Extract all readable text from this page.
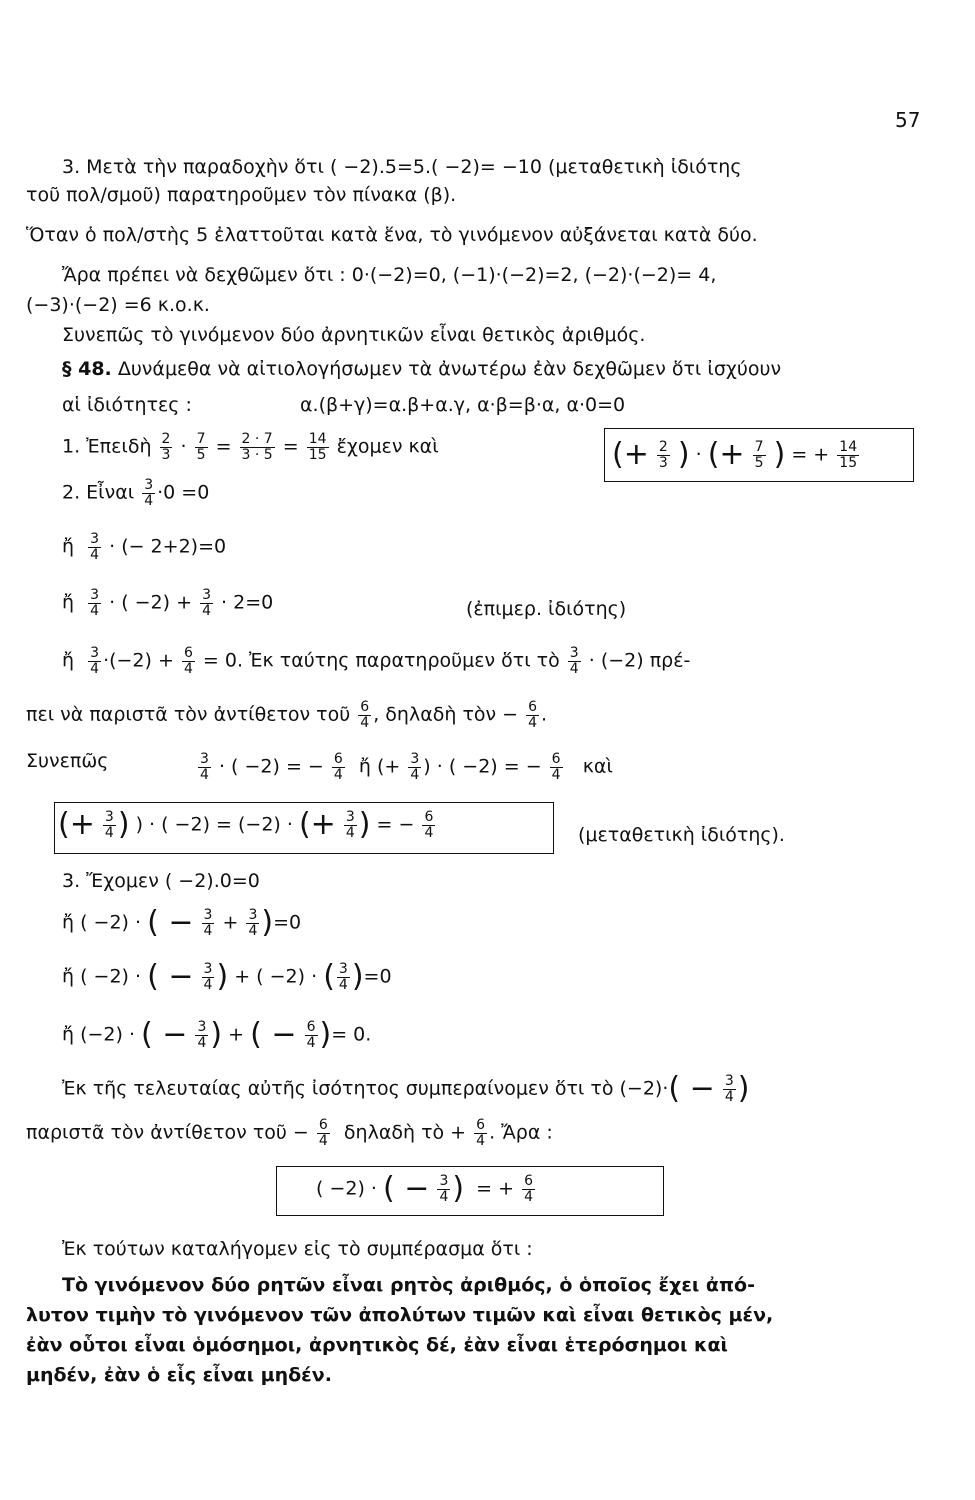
57
3. Μετὰ τὴν παραδοχὴν ὅτι ( −2).5=5.( −2)= −10 (μεταθετικὴ ἰδιότης
τοῦ πολ/σμοῦ) παρατηροῦμεν τὸν πίνακα (β).
Ὅταν ὁ πολ/στὴς 5 ἐλαττοῦται κατὰ ἕνα, τὸ γινόμενον αὐξάνεται κατὰ δύο.
Ἄρα πρέπει νὰ δεχθῶμεν ὅτι : 0·(−2)=0, (−1)·(−2)=2, (−2)·(−2)= 4,
(−3)·(−2) =6 κ.ο.κ.
Συνεπῶς τὸ γινόμενον δύο ἀρνητικῶν εἶναι θετικὸς ἀριθμός.
§ 48. Δυνάμεθα νὰ αἰτιολογήσωμεν τὰ ἀνωτέρω ἐὰν δεχθῶμεν ὅτι ἰσχύουν
αἱ ἰδιότητες :	α.(β+γ)=α.β+α.γ, α·β=β·α, α·0=0
1. Ἐπειδὴ $\frac{2}{3} \cdot \frac{7}{5} = \frac{2 \cdot 7}{3 \cdot 5} = \frac{14}{15}$ ἔχομεν καὶ	(+ $\frac{2}{3}$ ) · (+ $\frac{7}{5}$ ) = + $\frac{14}{15}$
2. Εἶναι $\frac{3}{4} \cdot 0 =0$
ἤ $\frac{3}{4}$ · (− 2+2)=0
ἤ $\frac{3}{4}$ · ( $-2) + \frac{3}{4} \cdot 2=0$	(ἐπιμερ. ἰδιότης)
ἤ $\frac{3}{4} \cdot(-2) + \frac{6}{4} = 0$. Ἐκ ταύτης παρατηροῦμεν ὅτι τὸ $\frac{3}{4} \cdot (-2)$ πρέ-
πει νὰ παριστᾶ τὸν ἀντίθετον τοῦ $\frac{6}{4}$ , δηλαδὴ τὸν − $\frac{6}{4}$ .
Συνεπῶς	$\frac{3}{4}$ · ( −2) = − $\frac{6}{4}$ ἤ (+ $\frac{3}{4}$ ) · ( −2) = − $\frac{6}{4}$ καὶ
(+ $\frac{3}{4}$ ) ) · ( −2) = (−2) · (+ $\frac{3}{4}$ ) = − $\frac{6}{4}$	(μεταθετικὴ ἰδιότης).
3. Ἔχομεν ( −2).0=0
ἤ ( −2) · ( − $\frac{3}{4} + \frac{3}{4} )=0$
ἤ ( −2) · ( − $\frac{3}{4}$ ) + ( −2) · ( $\frac{3}{4} )=0$
ἤ (−2) · ( − $\frac{3}{4}$ ) + ( − $\frac{6}{4}$ )= 0.
Ἐκ τῆς τελευταίας αὐτῆς ἰσότητος συμπεραίνομεν ὅτι τὸ $(-2)\cdot( - \frac{3}{4}$ )
παριστᾶ τὸν ἀντίθετον τοῦ − $\frac{6}{4}$ δηλαδὴ τὸ + $\frac{6}{4}$ . Ἄρα :
( −2) · ( − $\frac{3}{4}$ ) = + $\frac{6}{4}$
Ἐκ τούτων καταλήγομεν εἰς τὸ συμπέρασμα ὅτι :
Τὸ γινόμενον δύο ρητῶν εἶναι ρητὸς ἀριθμός, ὁ ὁποῖος ἔχει ἀπό-
λυτον τιμὴν τὸ γινόμενον τῶν ἀπολύτων τιμῶν καὶ εἶναι θετικὸς μέν,
ἐὰν οὗτοι εἶναι ὁμόσημοι, ἀρνητικὸς δέ, ἐὰν εἶναι ἑτερόσημοι καὶ
μηδέν, ἐὰν ὁ εἷς εἶναι μηδέν.
